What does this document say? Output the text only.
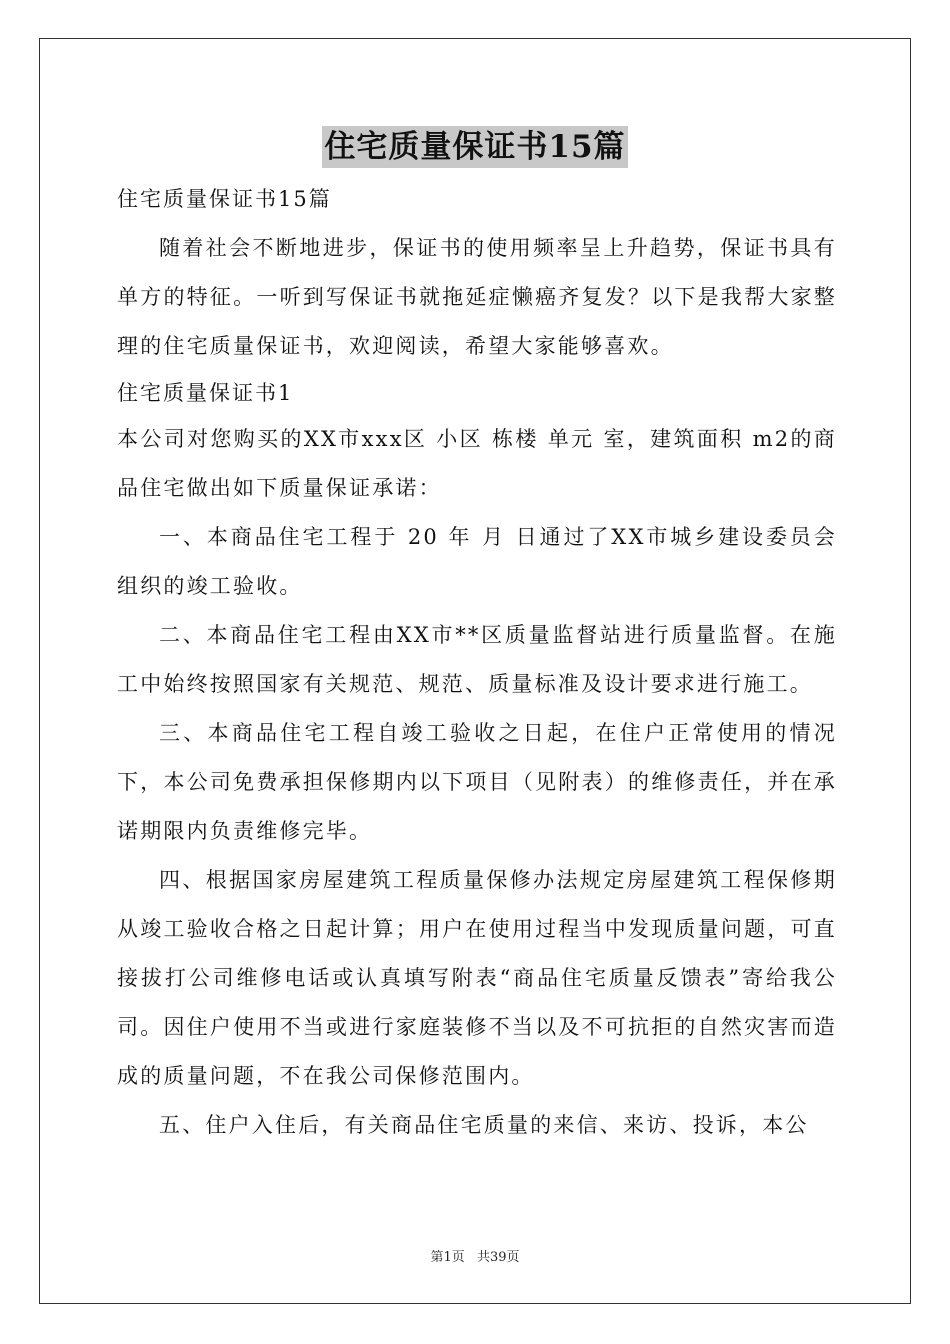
住宅质量保证书15篇
住宅质量保证书15篇
随着社会不断地进步，保证书的使用频率呈上升趋势，保证书具有单方的特征。一听到写保证书就拖延症懒癌齐复发？以下是我帮大家整理的住宅质量保证书，欢迎阅读，希望大家能够喜欢。
住宅质量保证书1
本公司对您购买的XX市xxx区 小区 栋楼 单元 室，建筑面积 m2的商品住宅做出如下质量保证承诺：
一、本商品住宅工程于 20 年 月 日通过了XX市城乡建设委员会组织的竣工验收。
二、本商品住宅工程由XX市**区质量监督站进行质量监督。在施工中始终按照国家有关规范、规范、质量标准及设计要求进行施工。
三、本商品住宅工程自竣工验收之日起，在住户正常使用的情况下，本公司免费承担保修期内以下项目（见附表）的维修责任，并在承诺期限内负责维修完毕。
四、根据国家房屋建筑工程质量保修办法规定房屋建筑工程保修期从竣工验收合格之日起计算；用户在使用过程当中发现质量问题，可直接拔打公司维修电话或认真填写附表“商品住宅质量反馈表”寄给我公司。因住户使用不当或进行家庭装修不当以及不可抗拒的自然灾害而造成的质量问题，不在我公司保修范围内。
五、住户入住后，有关商品住宅质量的来信、来访、投诉，本公
第1页 共39页
